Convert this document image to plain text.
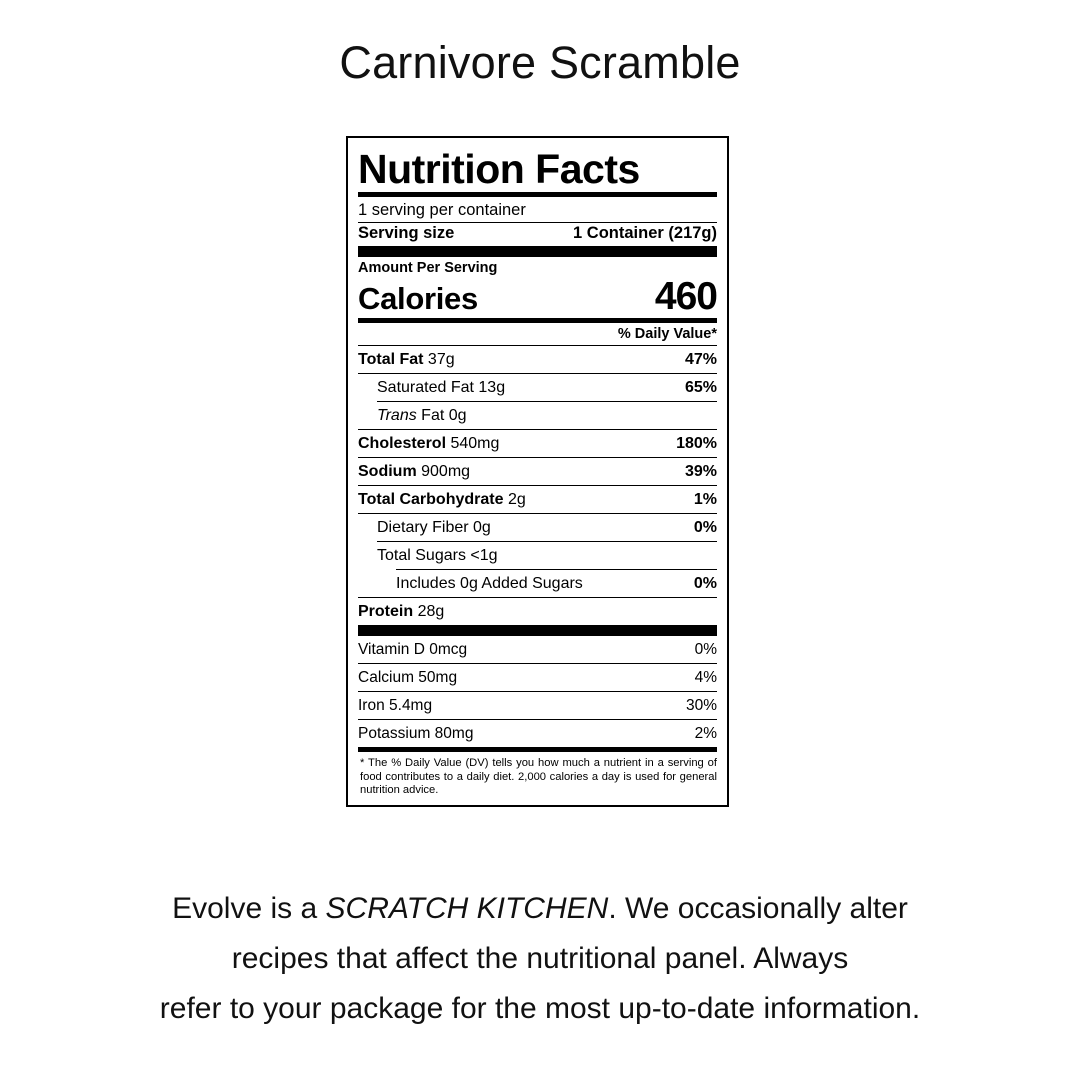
Carnivore Scramble
Nutrition Facts
1 serving per container
Serving size	1 Container (217g)
Amount Per Serving
Calories	460
% Daily Value*
Total Fat 37g	47%
Saturated Fat 13g	65%
Trans Fat 0g
Cholesterol 540mg	180%
Sodium 900mg	39%
Total Carbohydrate 2g	1%
Dietary Fiber 0g	0%
Total Sugars <1g
Includes 0g Added Sugars	0%
Protein 28g
Vitamin D 0mcg	0%
Calcium 50mg	4%
Iron 5.4mg	30%
Potassium 80mg	2%
* The % Daily Value (DV) tells you how much a nutrient in a serving of food contributes to a daily diet. 2,000 calories a day is used for general nutrition advice.
Evolve is a SCRATCH KITCHEN. We occasionally alter
recipes that affect the nutritional panel. Always
refer to your package for the most up-to-date information.
